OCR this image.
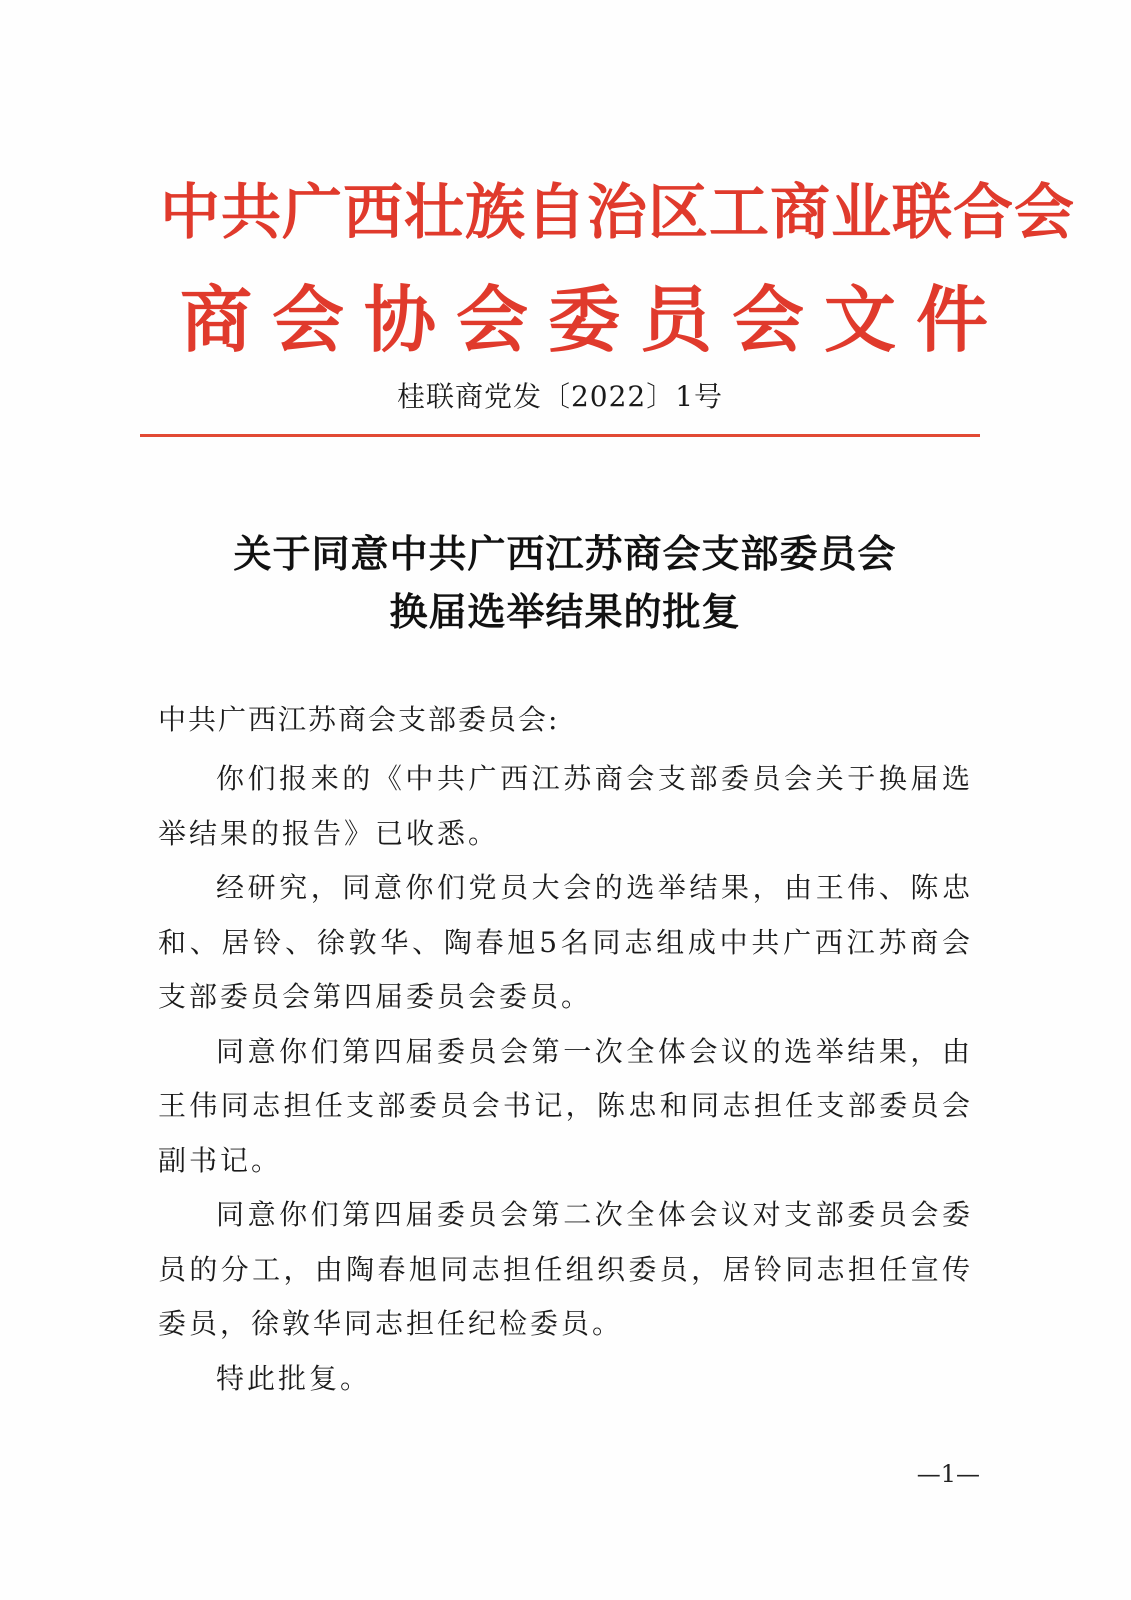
中共广西壮族自治区工商业联合会
商会协会委员会文件
桂联商党发〔2022〕1号
关于同意中共广西江苏商会支部委员会
换届选举结果的批复
中共广西江苏商会支部委员会:

你们报来的《中共广西江苏商会支部委员会关于换届选举结果的报告》已收悉。

经研究，同意你们党员大会的选举结果，由王伟、陈忠和、居铃、徐敦华、陶春旭5名同志组成中共广西江苏商会支部委员会第四届委员会委员。

同意你们第四届委员会第一次全体会议的选举结果，由王伟同志担任支部委员会书记，陈忠和同志担任支部委员会副书记。

同意你们第四届委员会第二次全体会议对支部委员会委员的分工，由陶春旭同志担任组织委员，居铃同志担任宣传委员，徐敦华同志担任纪检委员。

特此批复。

—1—
